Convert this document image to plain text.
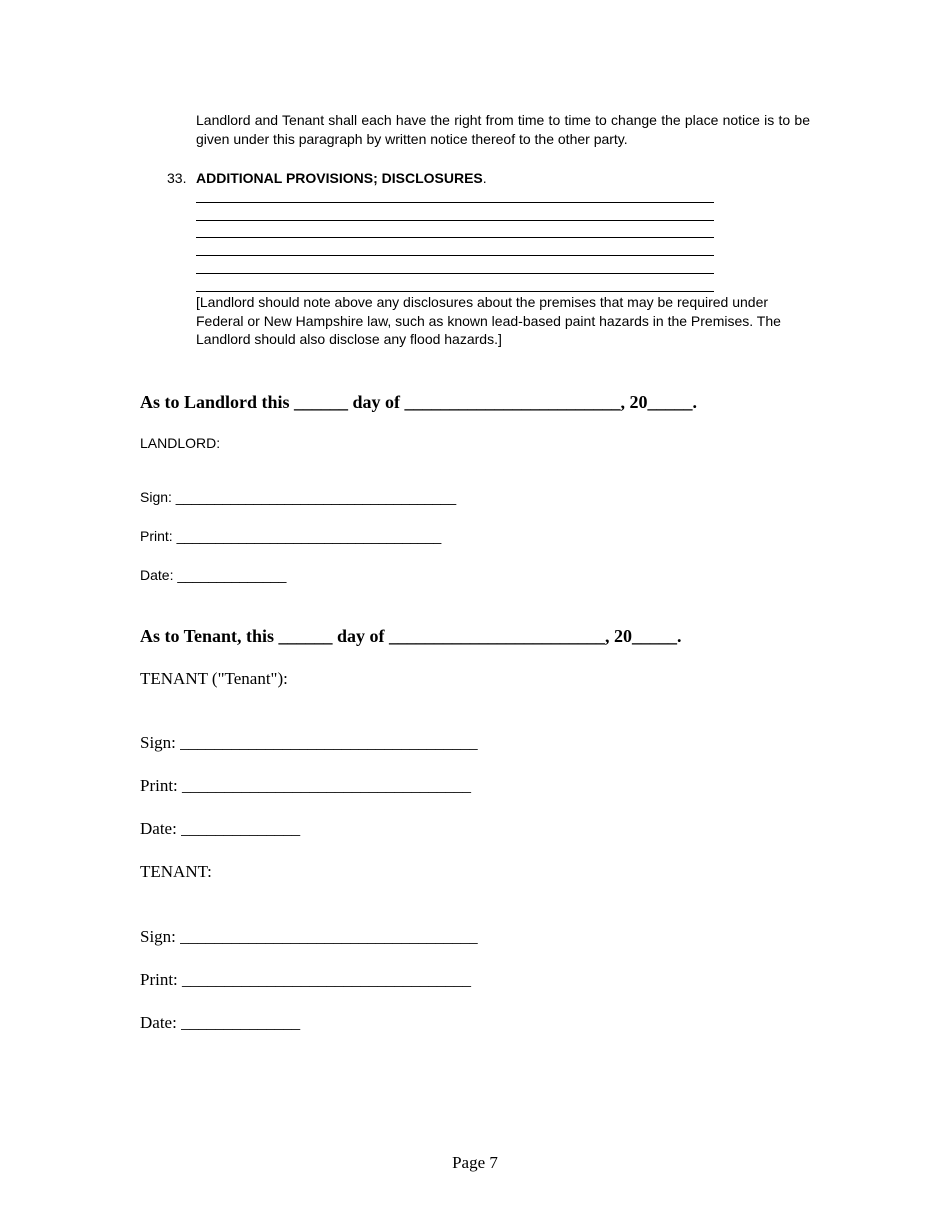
Landlord and Tenant shall each have the right from time to time to change the place notice is to be given under this paragraph by written notice thereof to the other party.
33. ADDITIONAL PROVISIONS; DISCLOSURES.
[Landlord should note above any disclosures about the premises that may be required under Federal or New Hampshire law, such as known lead-based paint hazards in the Premises. The Landlord should also disclose any flood hazards.]
As to Landlord this ______ day of ________________________, 20_____.
LANDLORD:
Sign: ____________________________________
Print: __________________________________
Date: ______________
As to Tenant, this ______ day of ________________________, 20_____.
TENANT ("Tenant"):
Sign: ___________________________________
Print: __________________________________
Date: ______________
TENANT:
Sign: ___________________________________
Print: __________________________________
Date: ______________
Page 7
